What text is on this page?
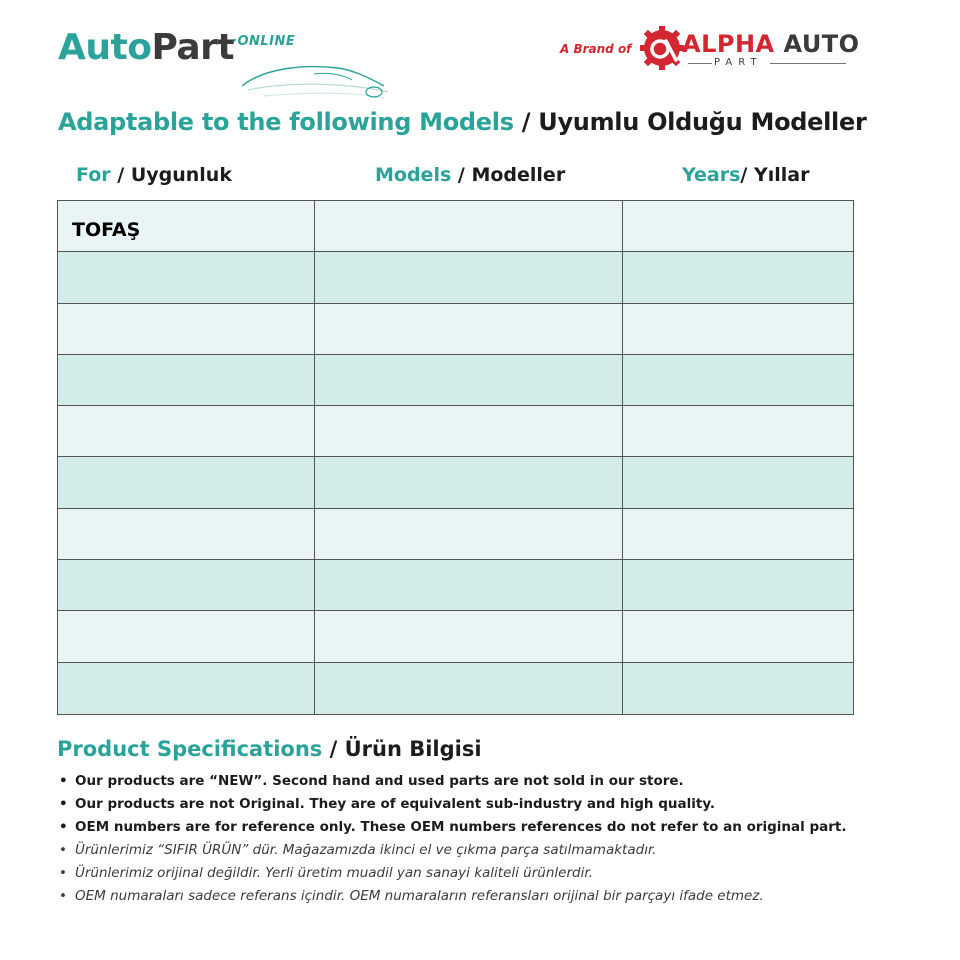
AutoPart
·ONLINE	A Brand of ALPHA AUTO
PART
Adaptable to the following Models / Uyumlu Olduğu Modeller
For / Uygunluk	Models / Modeller	Years/ Yıllar
TOFAŞ
Product Specifications / Ürün Bilgisi
• Our products are “NEW”. Second hand and used parts are not sold in our store.
• Our products are not Original. They are of equivalent sub-industry and high quality.
• OEM numbers are for reference only. These OEM numbers references do not refer to an original part.
• Ürünlerimiz “SIFIR ÜRÜN” dür. Mağazamızda ikinci el ve çıkma parça satılmamaktadır.
• Ürünlerimiz orijinal değildir. Yerli üretim muadil yan sanayi kaliteli ürünlerdir.
• OEM numaraları sadece referans içindir. OEM numaraların referansları orijinal bir parçayı ifade etmez.
